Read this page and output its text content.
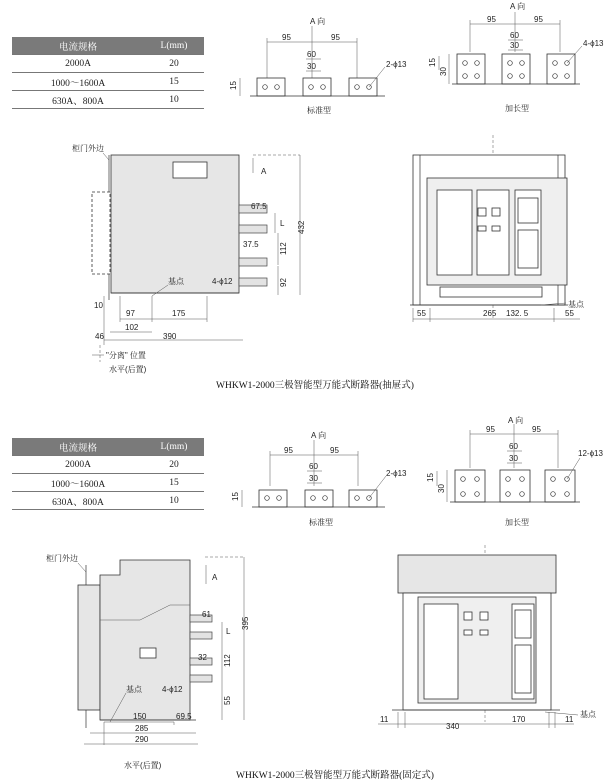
电流规格	L(mm)
2000A	20
1000～1600A	15
630A、800A	10
电流规格	L(mm)
2000A	20
1000～1600A	15
630A、800A	10
A 向
95	95
60
30	2-ϕ13
15
标准型
A 向
95	95
60
30	4-ϕ13
15
30
加长型
柜门外边
A
67.5
37.5
L
112
432
92
基点	4-ϕ12
10
97	175
102
46	390
"分离" 位置
水平(后置)
基点
55	265 132. 5	55
A 向
95	95
60
30
2-ϕ13
15
标准型
A 向
95	95
60
30
12-ϕ13
15
30
加长型
柜门外边
A
61
L
32 112
395
55
基点	4-ϕ12
150	69.5
285
290
水平(后置)
基点
11
340
170	11
WHKW1-2000三极智能型万能式断路器(抽屉式)
WHKW1-2000三极智能型万能式断路器(固定式)
